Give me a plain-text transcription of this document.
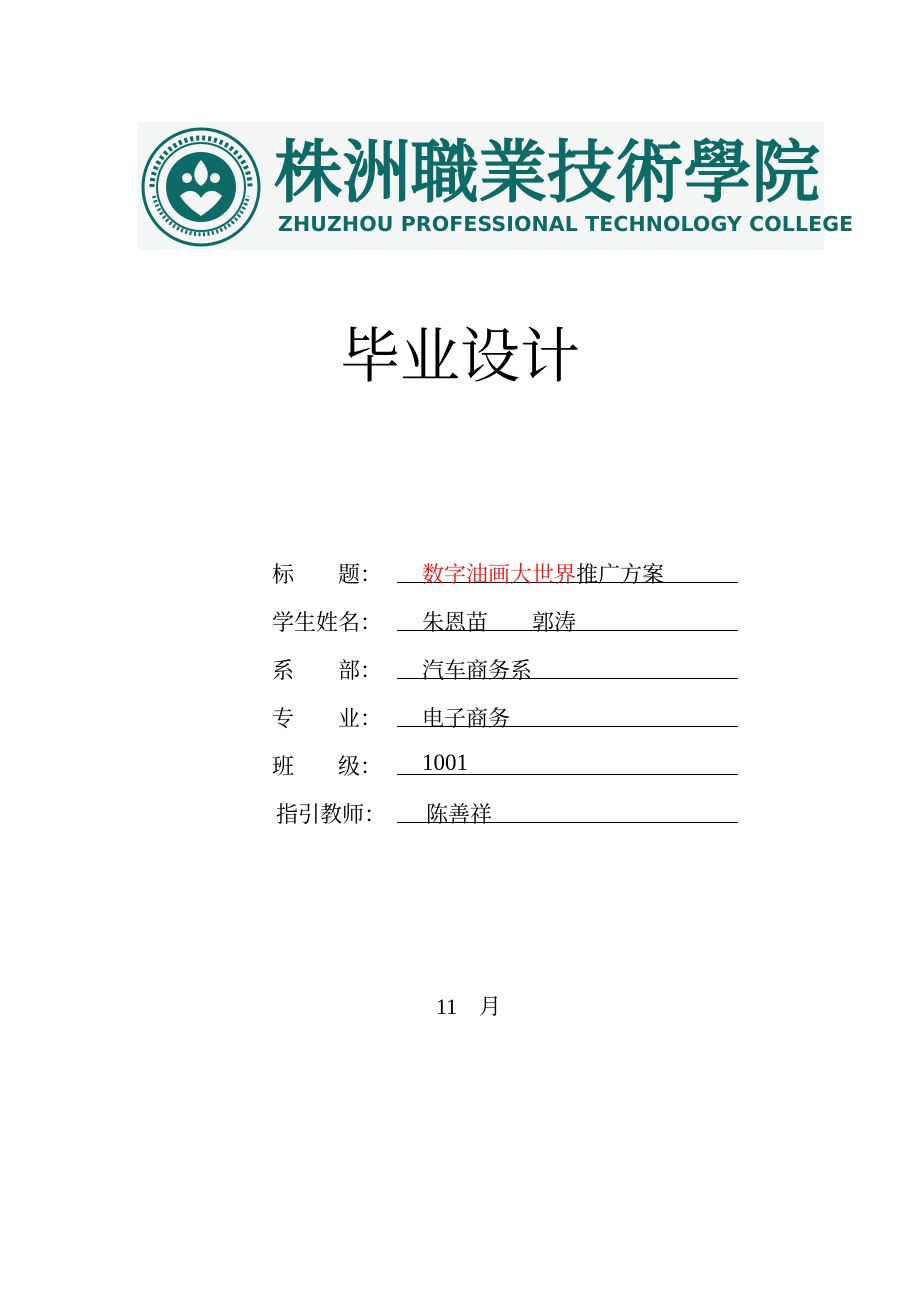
株洲職業技術學院
ZHUZHOU PROFESSIONAL TECHNOLOGY COLLEGE
毕业设计
标　　题： 数字油画大世界推广方案
学生姓名： 朱恩苗　　郭涛
系　　部： 汽车商务系
专　　业： 电子商务
班　　级： 1001
指引教师： 陈善祥
11　月
